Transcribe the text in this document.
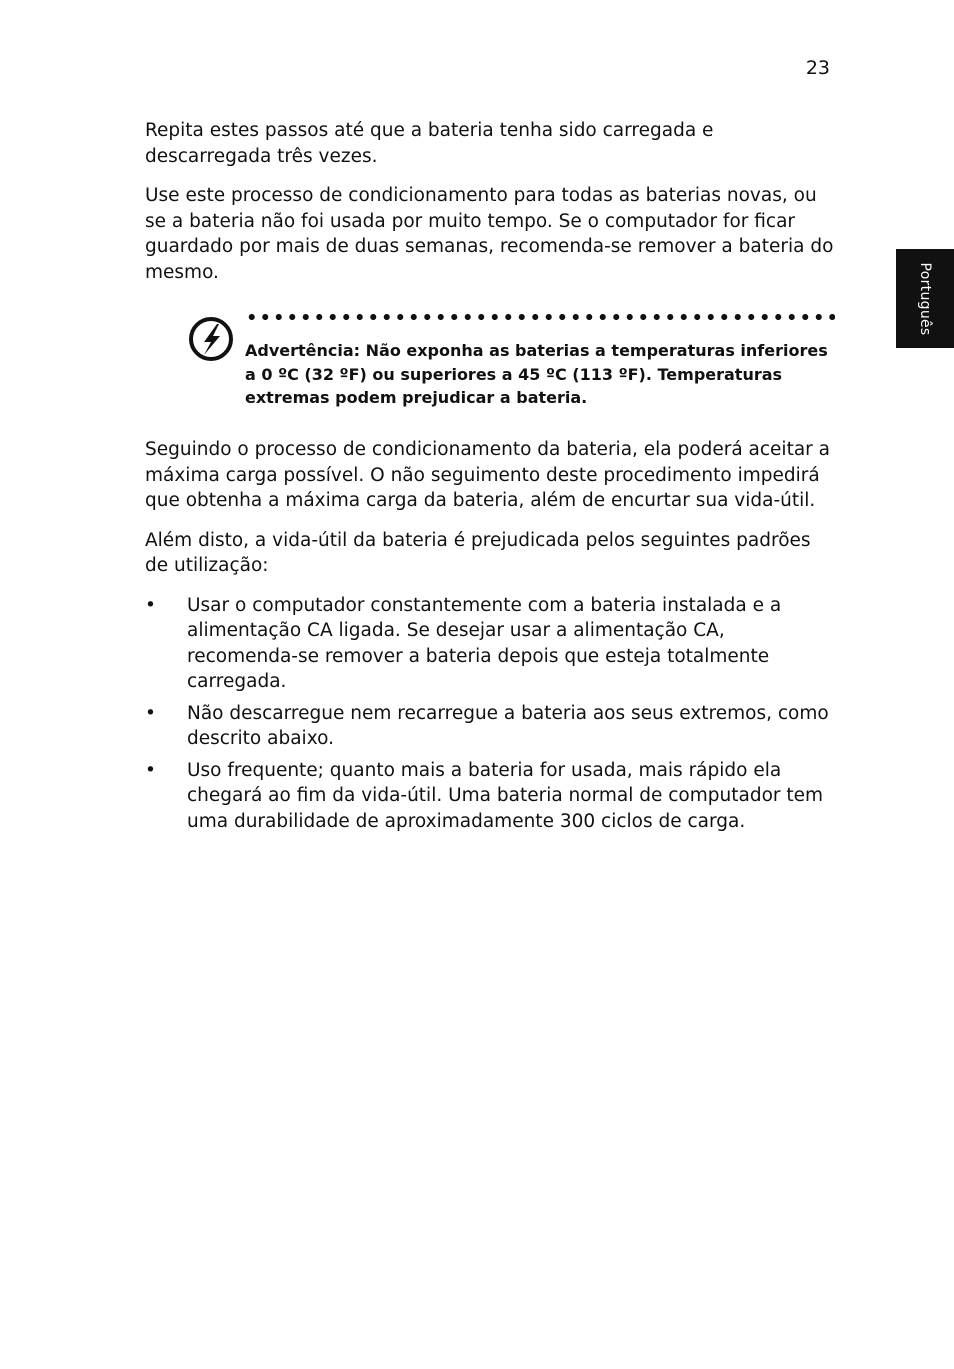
23
Português

Repita estes passos até que a bateria tenha sido carregada e descarregada três vezes.

Use este processo de condicionamento para todas as baterias novas, ou se a bateria não foi usada por muito tempo. Se o computador for ficar guardado por mais de duas semanas, recomenda-se remover a bateria do mesmo.

Advertência: Não exponha as baterias a temperaturas inferiores a 0 ºC (32 ºF) ou superiores a 45 ºC (113 ºF). Temperaturas extremas podem prejudicar a bateria.

Seguindo o processo de condicionamento da bateria, ela poderá aceitar a máxima carga possível. O não seguimento deste procedimento impedirá que obtenha a máxima carga da bateria, além de encurtar sua vida-útil.

Além disto, a vida-útil da bateria é prejudicada pelos seguintes padrões de utilização:

• Usar o computador constantemente com a bateria instalada e a alimentação CA ligada. Se desejar usar a alimentação CA, recomenda-se remover a bateria depois que esteja totalmente carregada.
• Não descarregue nem recarregue a bateria aos seus extremos, como descrito abaixo.
• Uso frequente; quanto mais a bateria for usada, mais rápido ela chegará ao fim da vida-útil. Uma bateria normal de computador tem uma durabilidade de aproximadamente 300 ciclos de carga.
